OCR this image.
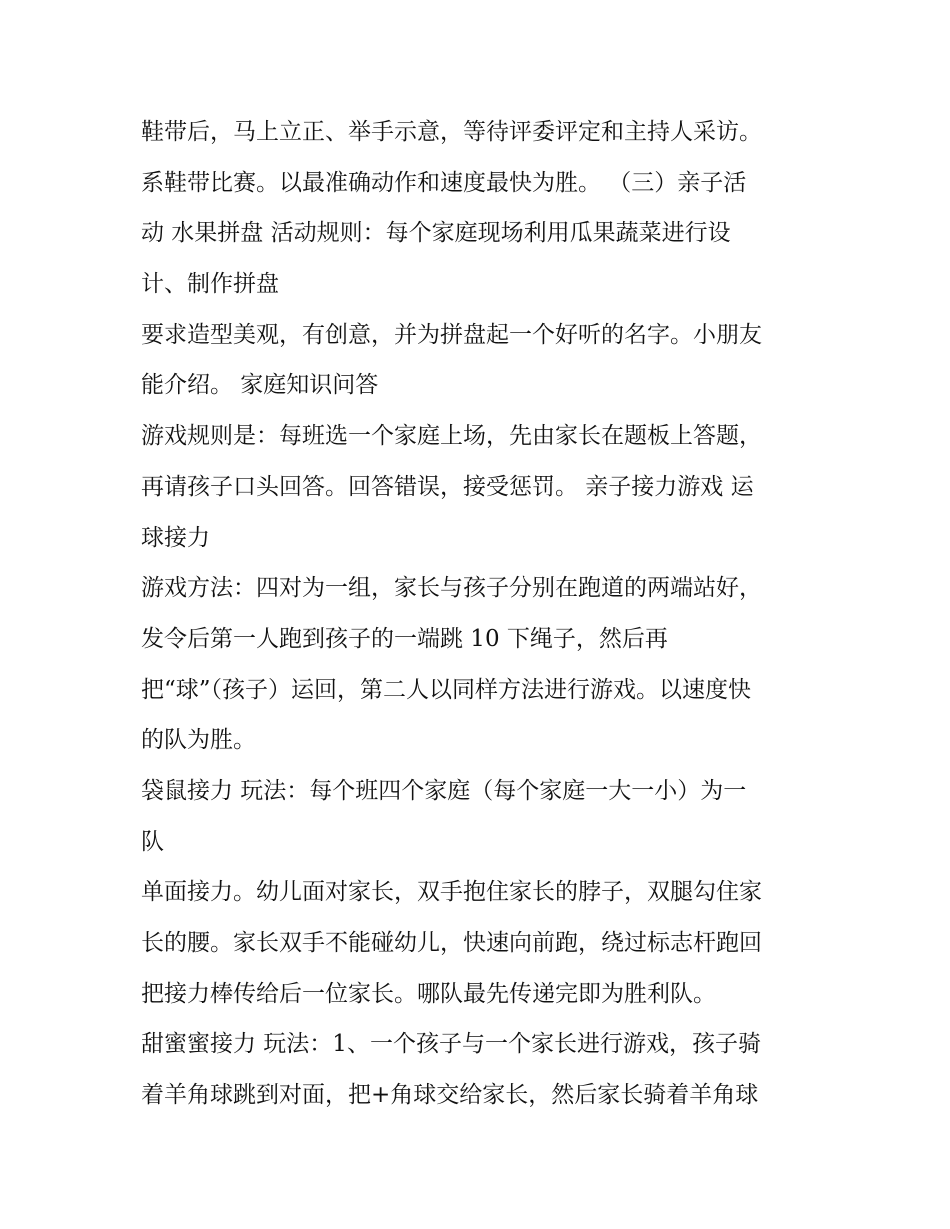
鞋带后，马上立正、举手示意，等待评委评定和主持人采访。
系鞋带比赛。以最准确动作和速度最快为胜。 （三）亲子活
动 水果拼盘 活动规则：每个家庭现场利用瓜果蔬菜进行设
计、制作拼盘
要求造型美观，有创意，并为拼盘起一个好听的名字。小朋友
能介绍。 家庭知识问答
游戏规则是：每班选一个家庭上场，先由家长在题板上答题，
再请孩子口头回答。回答错误，接受惩罚。 亲子接力游戏 运
球接力
游戏方法：四对为一组，家长与孩子分别在跑道的两端站好，
发令后第一人跑到孩子的一端跳 10 下绳子，然后再
把“球”（孩子）运回，第二人以同样方法进行游戏。以速度快
的队为胜。
袋鼠接力 玩法：每个班四个家庭（每个家庭一大一小）为一
队
单面接力。幼儿面对家长，双手抱住家长的脖子，双腿勾住家
长的腰。家长双手不能碰幼儿，快速向前跑，绕过标志杆跑回
把接力棒传给后一位家长。哪队最先传递完即为胜利队。
甜蜜蜜接力 玩法：1、一个孩子与一个家长进行游戏，孩子骑
着羊角球跳到对面，把+角球交给家长，然后家长骑着羊角球
